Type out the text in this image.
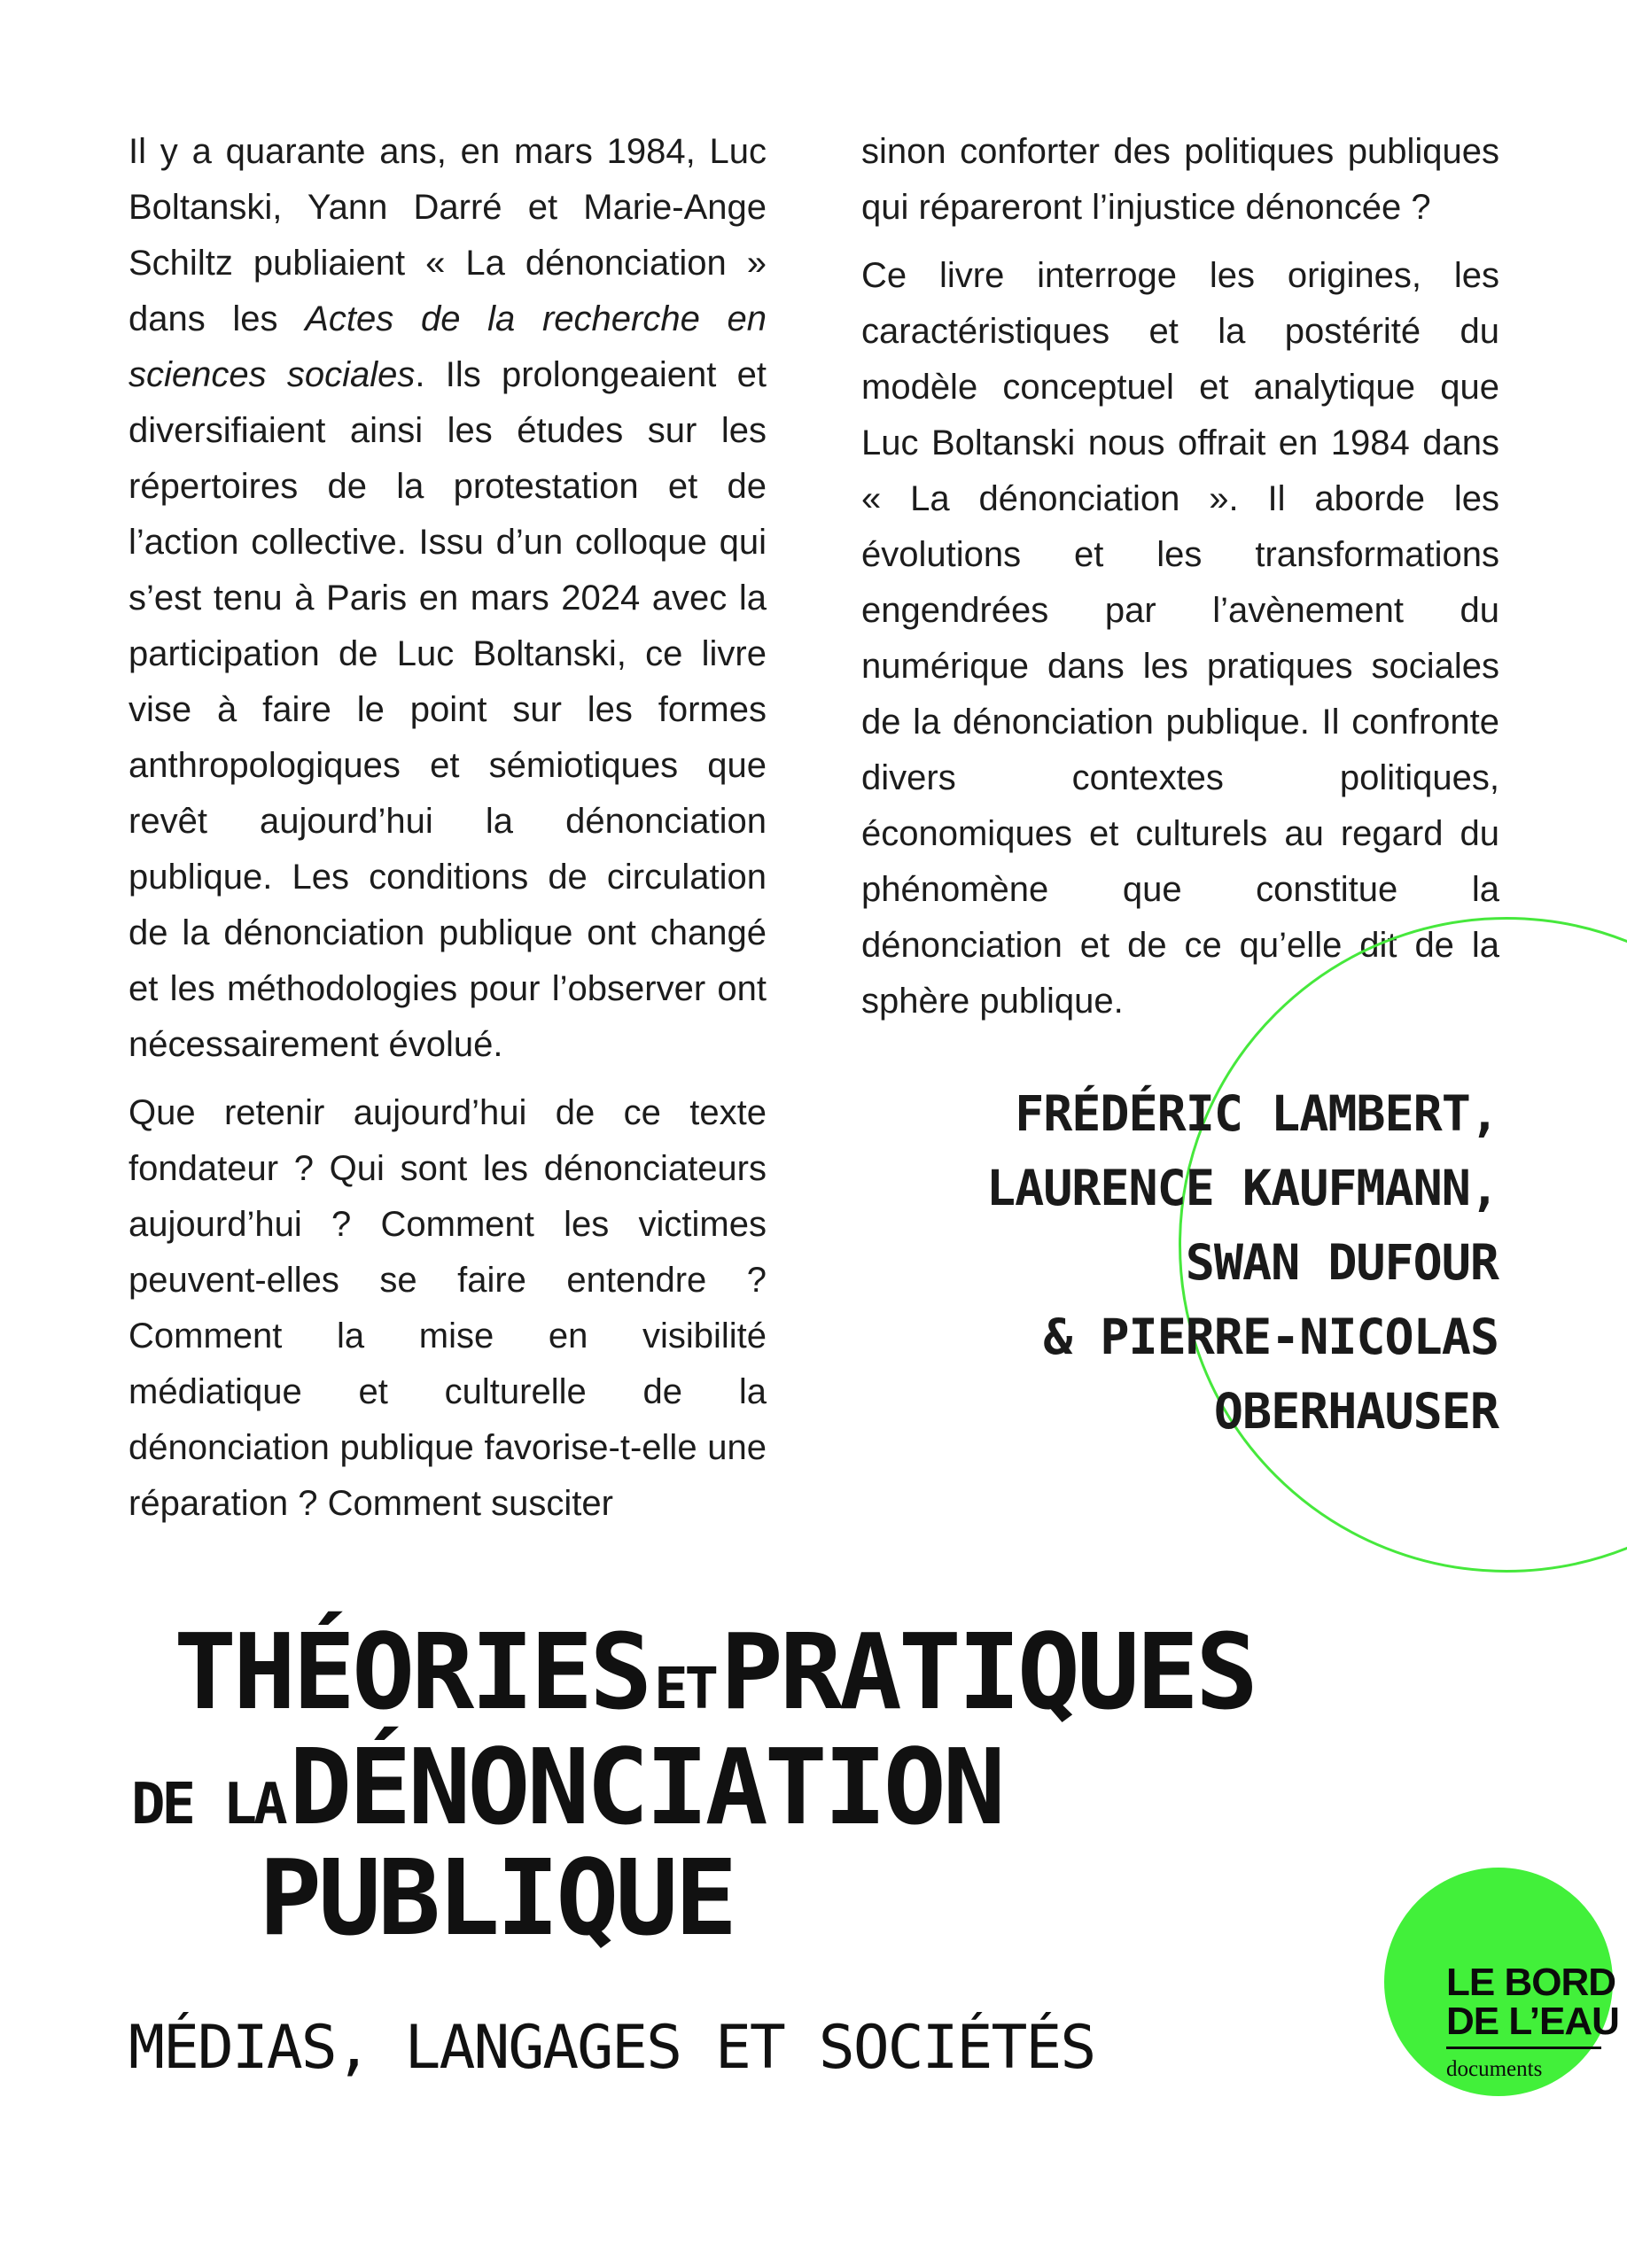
Il y a quarante ans, en mars 1984, Luc Boltanski, Yann Darré et Marie-Ange Schiltz publiaient « La dénonciation » dans les Actes de la recherche en sciences sociales. Ils prolongeaient et diversifiaient ainsi les études sur les répertoires de la protestation et de l’action collective. Issu d’un colloque qui s’est tenu à Paris en mars 2024 avec la participation de Luc Boltanski, ce livre vise à faire le point sur les formes anthropologiques et sémiotiques que revêt aujourd’hui la dénonciation publique. Les conditions de circulation de la dénonciation publique ont changé et les méthodologies pour l’observer ont nécessairement évolué.

Que retenir aujourd’hui de ce texte fondateur ? Qui sont les dénonciateurs aujourd’hui ? Comment les victimes peuvent-elles se faire entendre ? Comment la mise en visibilité médiatique et culturelle de la dénonciation publique favorise-t-elle une réparation ? Comment susciter

sinon conforter des politiques publiques qui répareront l’injustice dénoncée ?

Ce livre interroge les origines, les caractéristiques et la postérité du modèle conceptuel et analytique que Luc Boltanski nous offrait en 1984 dans « La dénonciation ». Il aborde les évolutions et les transformations engendrées par l’avènement du numérique dans les pratiques sociales de la dénonciation publique. Il confronte divers contextes politiques, économiques et culturels au regard du phénomène que constitue la dénonciation et de ce qu’elle dit de la sphère publique.

FRÉDÉRIC LAMBERT,
LAURENCE KAUFMANN,
SWAN DUFOUR
& PIERRE-NICOLAS
OBERHAUSER
THÉORIES ET PRATIQUES
DE LA DÉNONCIATION
PUBLIQUE
MÉDIAS, LANGAGES ET SOCIÉTÉS
LE BORD
DE L’EAU
documents
